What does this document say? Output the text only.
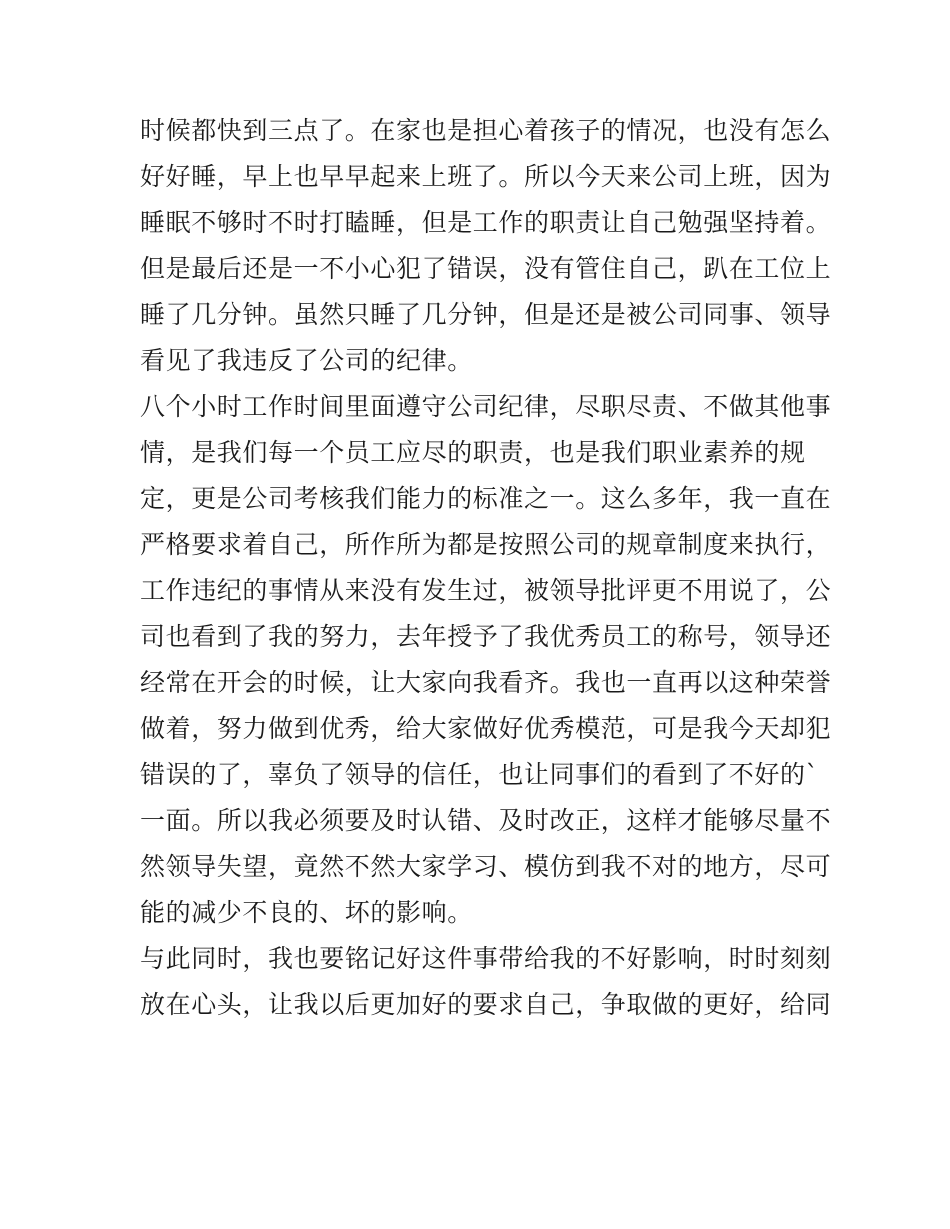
时候都快到三点了。在家也是担心着孩子的情况，也没有怎么
好好睡，早上也早早起来上班了。所以今天来公司上班，因为
睡眠不够时不时打瞌睡，但是工作的职责让自己勉强坚持着。
但是最后还是一不小心犯了错误，没有管住自己，趴在工位上
睡了几分钟。虽然只睡了几分钟，但是还是被公司同事、领导
看见了我违反了公司的纪律。
八个小时工作时间里面遵守公司纪律，尽职尽责、不做其他事
情，是我们每一个员工应尽的职责，也是我们职业素养的规
定，更是公司考核我们能力的标准之一。这么多年，我一直在
严格要求着自己，所作所为都是按照公司的规章制度来执行，
工作违纪的事情从来没有发生过，被领导批评更不用说了，公
司也看到了我的努力，去年授予了我优秀员工的称号，领导还
经常在开会的时候，让大家向我看齐。我也一直再以这种荣誉
做着，努力做到优秀，给大家做好优秀模范，可是我今天却犯
错误的了，辜负了领导的信任，也让同事们的看到了不好的`
一面。所以我必须要及时认错、及时改正，这样才能够尽量不
然领导失望，竟然不然大家学习、模仿到我不对的地方，尽可
能的减少不良的、坏的影响。
与此同时，我也要铭记好这件事带给我的不好影响，时时刻刻
放在心头，让我以后更加好的要求自己，争取做的更好，给同
